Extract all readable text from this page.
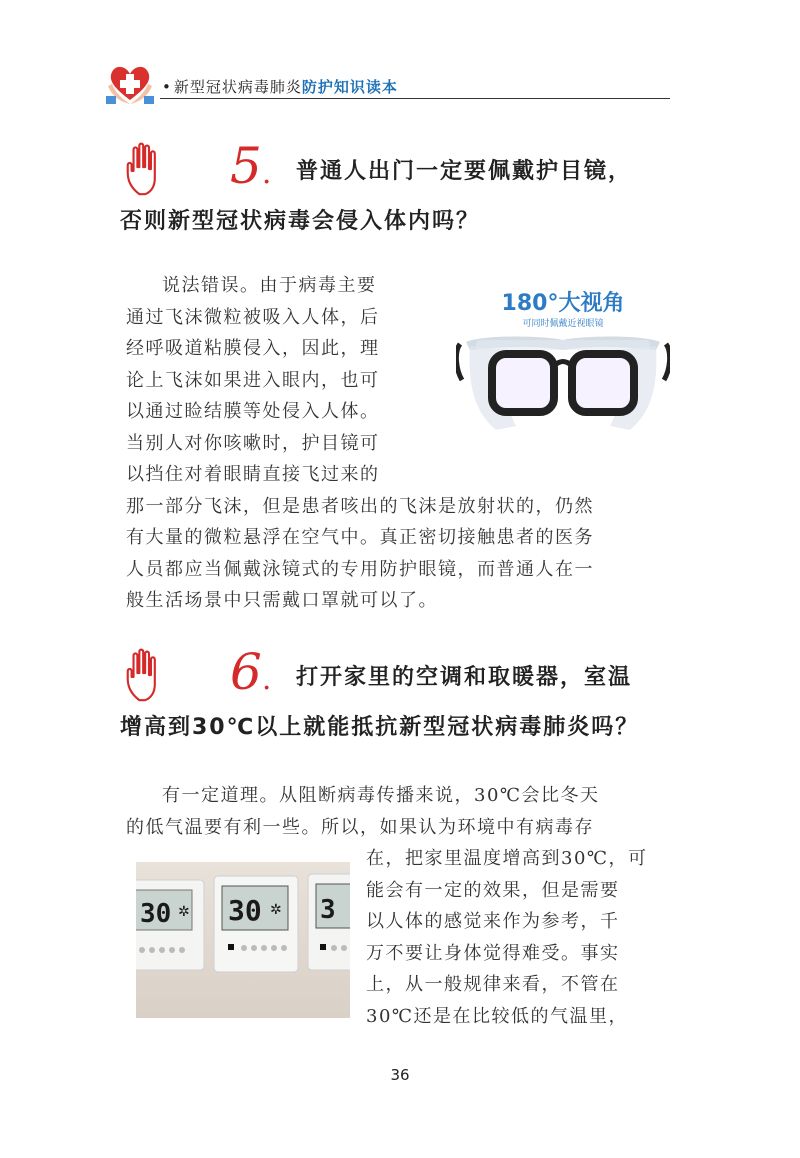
• 新型冠状病毒肺炎防护知识读本
5. 普通人出门一定要佩戴护目镜，
否则新型冠状病毒会侵入体内吗？

说法错误。由于病毒主要

通过飞沫微粒被吸入人体，后

经呼吸道粘膜侵入，因此，理

论上飞沫如果进入眼内，也可

以通过睑结膜等处侵入人体。

当别人对你咳嗽时，护目镜可

以挡住对着眼睛直接飞过来的

那一部分飞沫，但是患者咳出的飞沫是放射状的，仍然

有大量的微粒悬浮在空气中。真正密切接触患者的医务

人员都应当佩戴泳镜式的专用防护眼镜，而普通人在一

般生活场景中只需戴口罩就可以了。

180°大视角
可同时佩戴近视眼镜
6. 打开家里的空调和取暖器，室温
增高到30℃以上就能抵抗新型冠状病毒肺炎吗？

有一定道理。从阻断病毒传播来说，30℃会比冬天

的低气温要有利一些。所以，如果认为环境中有病毒存

在，把家里温度增高到30℃，可

能会有一定的效果，但是需要

以人体的感觉来作为参考，千

万不要让身体觉得难受。事实

上，从一般规律来看，不管在

30℃还是在比较低的气温里，

30 ✲ 30 ✲ 3
36
